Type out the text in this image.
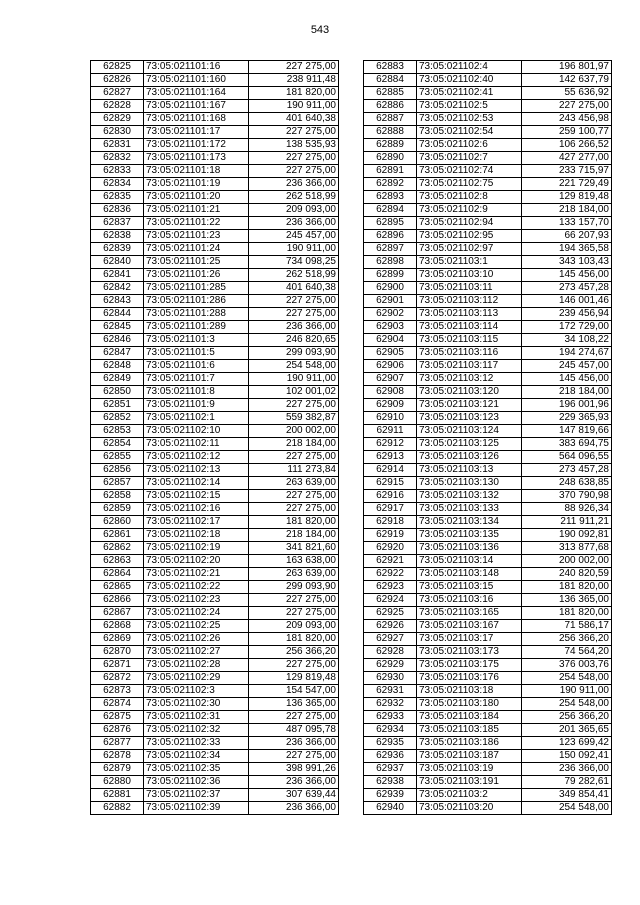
543
62825	73:05:021101:16	227 275,00
62826	73:05:021101:160	238 911,48
62827	73:05:021101:164	181 820,00
62828	73:05:021101:167	190 911,00
62829	73:05:021101:168	401 640,38
62830	73:05:021101:17	227 275,00
62831	73:05:021101:172	138 535,93
62832	73:05:021101:173	227 275,00
62833	73:05:021101:18	227 275,00
62834	73:05:021101:19	236 366,00
62835	73:05:021101:20	262 518,99
62836	73:05:021101:21	209 093,00
62837	73:05:021101:22	236 366,00
62838	73:05:021101:23	245 457,00
62839	73:05:021101:24	190 911,00
62840	73:05:021101:25	734 098,25
62841	73:05:021101:26	262 518,99
62842	73:05:021101:285	401 640,38
62843	73:05:021101:286	227 275,00
62844	73:05:021101:288	227 275,00
62845	73:05:021101:289	236 366,00
62846	73:05:021101:3	246 820,65
62847	73:05:021101:5	299 093,90
62848	73:05:021101:6	254 548,00
62849	73:05:021101:7	190 911,00
62850	73:05:021101:8	102 001,02
62851	73:05:021101:9	227 275,00
62852	73:05:021102:1	559 382,87
62853	73:05:021102:10	200 002,00
62854	73:05:021102:11	218 184,00
62855	73:05:021102:12	227 275,00
62856	73:05:021102:13	111 273,84
62857	73:05:021102:14	263 639,00
62858	73:05:021102:15	227 275,00
62859	73:05:021102:16	227 275,00
62860	73:05:021102:17	181 820,00
62861	73:05:021102:18	218 184,00
62862	73:05:021102:19	341 821,60
62863	73:05:021102:20	163 638,00
62864	73:05:021102:21	263 639,00
62865	73:05:021102:22	299 093,90
62866	73:05:021102:23	227 275,00
62867	73:05:021102:24	227 275,00
62868	73:05:021102:25	209 093,00
62869	73:05:021102:26	181 820,00
62870	73:05:021102:27	256 366,20
62871	73:05:021102:28	227 275,00
62872	73:05:021102:29	129 819,48
62873	73:05:021102:3	154 547,00
62874	73:05:021102:30	136 365,00
62875	73:05:021102:31	227 275,00
62876	73:05:021102:32	487 095,78
62877	73:05:021102:33	236 366,00
62878	73:05:021102:34	227 275,00
62879	73:05:021102:35	398 991,26
62880	73:05:021102:36	236 366,00
62881	73:05:021102:37	307 639,44
62882	73:05:021102:39	236 366,00
62883	73:05:021102:4	196 801,97
62884	73:05:021102:40	142 637,79
62885	73:05:021102:41	55 636,92
62886	73:05:021102:5	227 275,00
62887	73:05:021102:53	243 456,98
62888	73:05:021102:54	259 100,77
62889	73:05:021102:6	106 266,52
62890	73:05:021102:7	427 277,00
62891	73:05:021102:74	233 715,97
62892	73:05:021102:75	221 729,49
62893	73:05:021102:8	129 819,48
62894	73:05:021102:9	218 184,00
62895	73:05:021102:94	133 157,70
62896	73:05:021102:95	66 207,93
62897	73:05:021102:97	194 365,58
62898	73:05:021103:1	343 103,43
62899	73:05:021103:10	145 456,00
62900	73:05:021103:11	273 457,28
62901	73:05:021103:112	146 001,46
62902	73:05:021103:113	239 456,94
62903	73:05:021103:114	172 729,00
62904	73:05:021103:115	34 108,22
62905	73:05:021103:116	194 274,67
62906	73:05:021103:117	245 457,00
62907	73:05:021103:12	145 456,00
62908	73:05:021103:120	218 184,00
62909	73:05:021103:121	196 001,96
62910	73:05:021103:123	229 365,93
62911	73:05:021103:124	147 819,66
62912	73:05:021103:125	383 694,75
62913	73:05:021103:126	564 096,55
62914	73:05:021103:13	273 457,28
62915	73:05:021103:130	248 638,85
62916	73:05:021103:132	370 790,98
62917	73:05:021103:133	88 926,34
62918	73:05:021103:134	211 911,21
62919	73:05:021103:135	190 092,81
62920	73:05:021103:136	313 877,68
62921	73:05:021103:14	200 002,00
62922	73:05:021103:148	240 820,59
62923	73:05:021103:15	181 820,00
62924	73:05:021103:16	136 365,00
62925	73:05:021103:165	181 820,00
62926	73:05:021103:167	71 586,17
62927	73:05:021103:17	256 366,20
62928	73:05:021103:173	74 564,20
62929	73:05:021103:175	376 003,76
62930	73:05:021103:176	254 548,00
62931	73:05:021103:18	190 911,00
62932	73:05:021103:180	254 548,00
62933	73:05:021103:184	256 366,20
62934	73:05:021103:185	201 365,65
62935	73:05:021103:186	123 699,42
62936	73:05:021103:187	150 092,41
62937	73:05:021103:19	236 366,00
62938	73:05:021103:191	79 282,61
62939	73:05:021103:2	349 854,41
62940	73:05:021103:20	254 548,00
